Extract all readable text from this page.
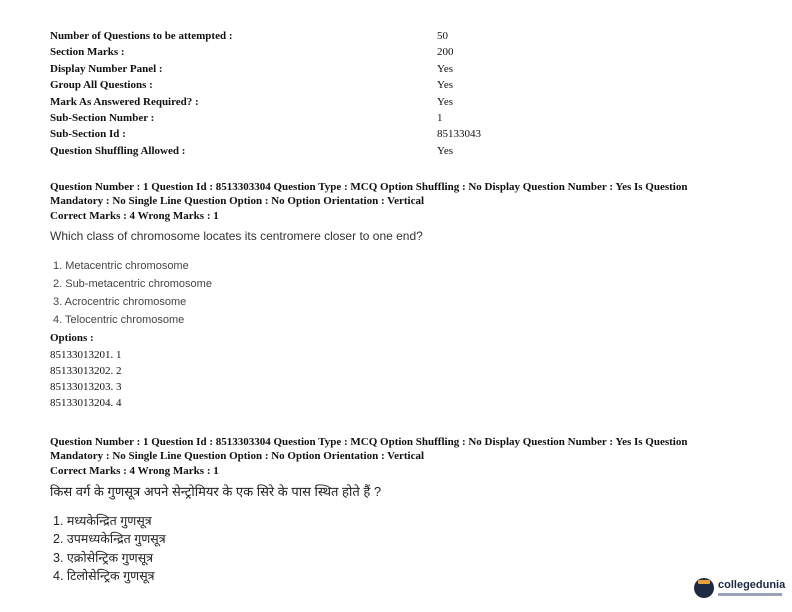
Number of Questions to be attempted :	50
Section Marks :	200
Display Number Panel :	Yes
Group All Questions :	Yes
Mark As Answered Required? :	Yes
Sub-Section Number :	1
Sub-Section Id :	85133043
Question Shuffling Allowed :	Yes
Question Number : 1 Question Id : 8513303304 Question Type : MCQ Option Shuffling : No Display Question Number : Yes Is Question
Mandatory : No Single Line Question Option : No Option Orientation : Vertical
Correct Marks : 4 Wrong Marks : 1
Which class of chromosome locates its centromere closer to one end?
1. Metacentric chromosome
2. Sub-metacentric chromosome
3. Acrocentric chromosome
4. Telocentric chromosome
Options :
85133013201. 1
85133013202. 2
85133013203. 3
85133013204. 4
Question Number : 1 Question Id : 8513303304 Question Type : MCQ Option Shuffling : No Display Question Number : Yes Is Question
Mandatory : No Single Line Question Option : No Option Orientation : Vertical
Correct Marks : 4 Wrong Marks : 1
किस वर्ग के गुणसूत्र अपने सेन्ट्रोमियर के एक सिरे के पास स्थित होते हैं ?
1. मध्यकेन्द्रित गुणसूत्र
2. उपमध्यकेन्द्रित गुणसूत्र
3. एक्रोसेन्ट्रिक गुणसूत्र
4. टिलोसेन्ट्रिक गुणसूत्र
collegedunia
